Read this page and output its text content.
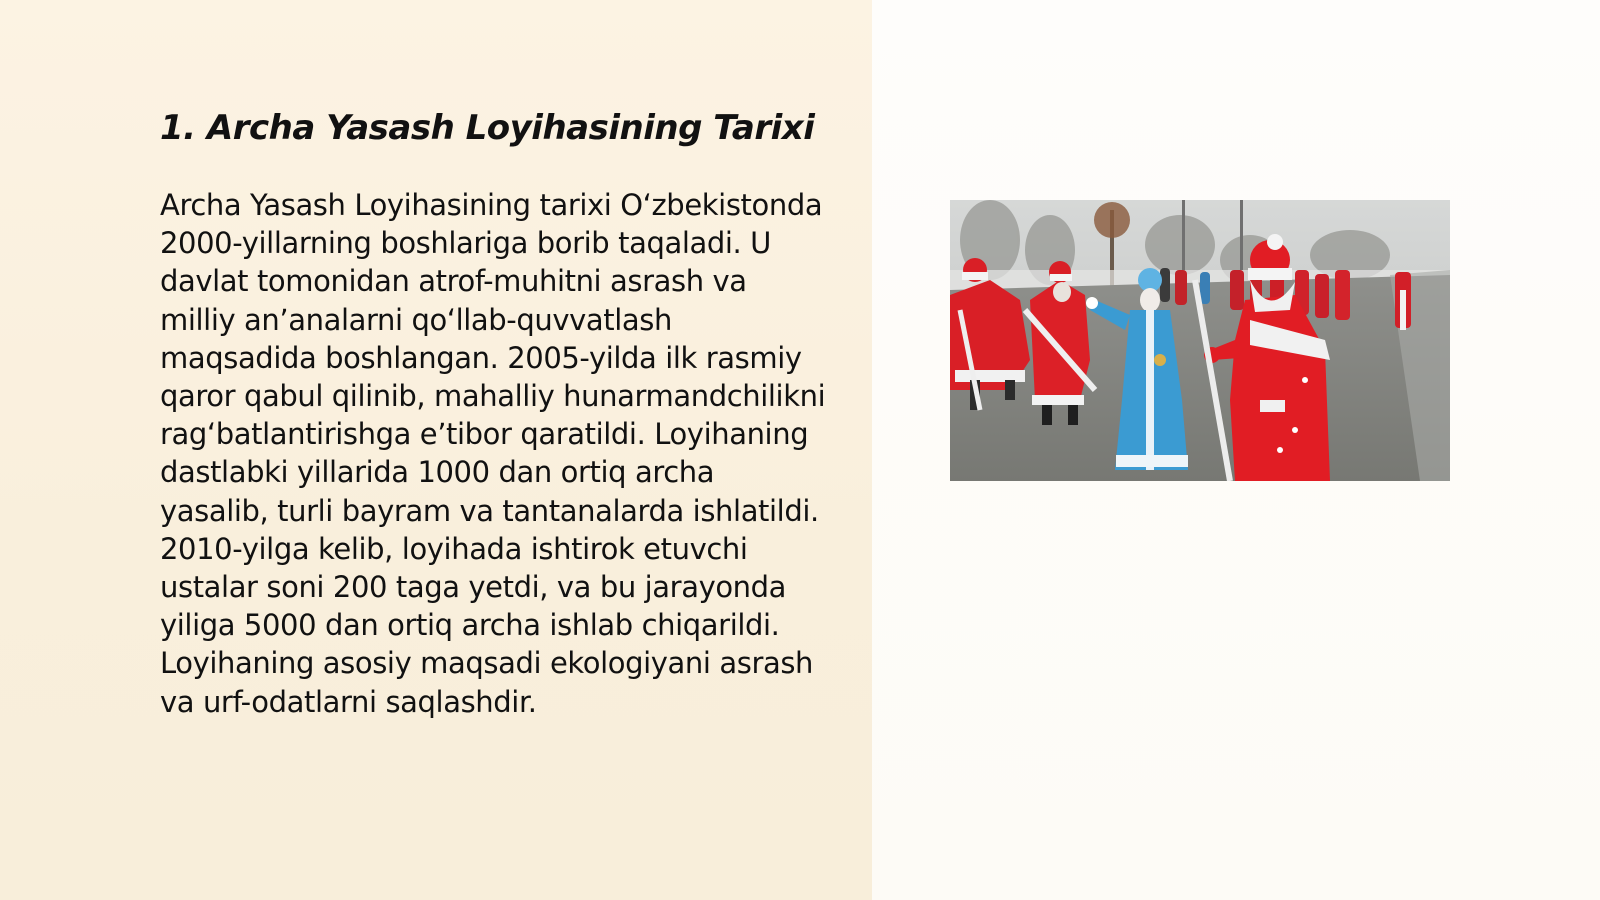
1. Archa Yasash Loyihasining Tarixi

Archa Yasash Loyihasining tarixi O‘zbekistonda 2000-yillarning boshlariga borib taqaladi. U davlat tomonidan atrof-muhitni asrash va milliy an’analarni qo‘llab-quvvatlash maqsadida boshlangan. 2005-yilda ilk rasmiy qaror qabul qilinib, mahalliy hunarmandchilikni rag‘batlantirishga e’tibor qaratildi. Loyihaning dastlabki yillarida 1000 dan ortiq archa yasalib, turli bayram va tantanalarda ishlatildi. 2010-yilga kelib, loyihada ishtirok etuvchi ustalar soni 200 taga yetdi, va bu jarayonda yiliga 5000 dan ortiq archa ishlab chiqarildi. Loyihaning asosiy maqsadi ekologiyani asrash va urf-odatlarni saqlashdir.
